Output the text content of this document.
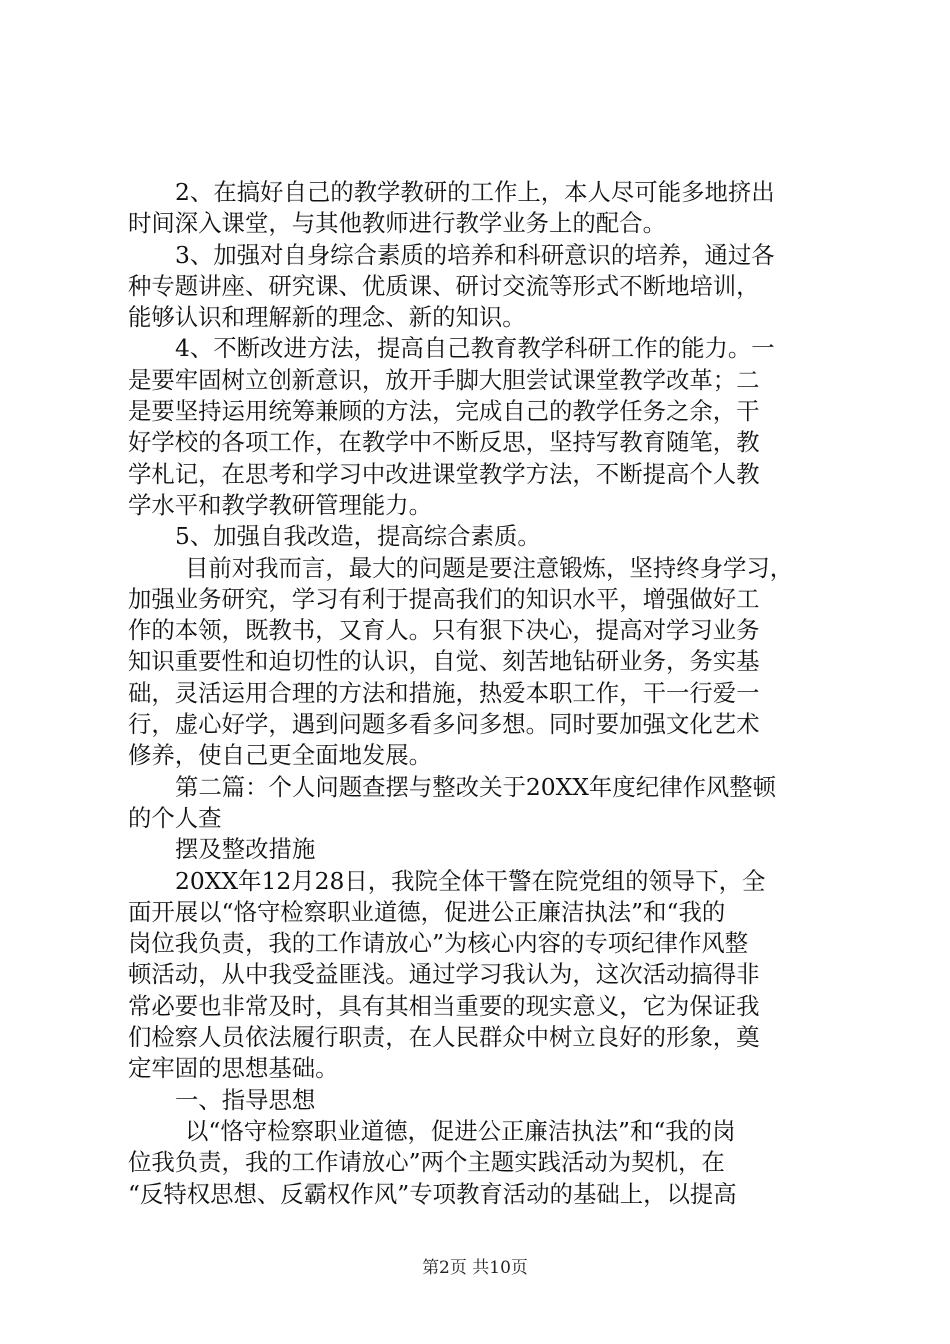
2、在搞好自己的教学教研的工作上，本人尽可能多地挤出
时间深入课堂，与其他教师进行教学业务上的配合。
3、加强对自身综合素质的培养和科研意识的培养，通过各
种专题讲座、研究课、优质课、研讨交流等形式不断地培训，
能够认识和理解新的理念、新的知识。
4、不断改进方法，提高自己教育教学科研工作的能力。一
是要牢固树立创新意识，放开手脚大胆尝试课堂教学改革；二
是要坚持运用统筹兼顾的方法，完成自己的教学任务之余，干
好学校的各项工作，在教学中不断反思，坚持写教育随笔，教
学札记，在思考和学习中改进课堂教学方法，不断提高个人教
学水平和教学教研管理能力。
5、加强自我改造，提高综合素质。
目前对我而言，最大的问题是要注意锻炼，坚持终身学习，
加强业务研究，学习有利于提高我们的知识水平，增强做好工
作的本领，既教书，又育人。只有狠下决心，提高对学习业务
知识重要性和迫切性的认识，自觉、刻苦地钻研业务，务实基
础，灵活运用合理的方法和措施，热爱本职工作，干一行爱一
行，虚心好学，遇到问题多看多问多想。同时要加强文化艺术
修养，使自己更全面地发展。
第二篇：个人问题查摆与整改关于20XX年度纪律作风整顿
的个人查
摆及整改措施
20XX年12月28日，我院全体干警在院党组的领导下，全
面开展以“恪守检察职业道德，促进公正廉洁执法”和“我的
岗位我负责，我的工作请放心”为核心内容的专项纪律作风整
顿活动，从中我受益匪浅。通过学习我认为，这次活动搞得非
常必要也非常及时，具有其相当重要的现实意义，它为保证我
们检察人员依法履行职责，在人民群众中树立良好的形象，奠
定牢固的思想基础。
一、指导思想
以“恪守检察职业道德，促进公正廉洁执法”和“我的岗
位我负责，我的工作请放心”两个主题实践活动为契机，在
“反特权思想、反霸权作风”专项教育活动的基础上，以提高
第2页 共10页
